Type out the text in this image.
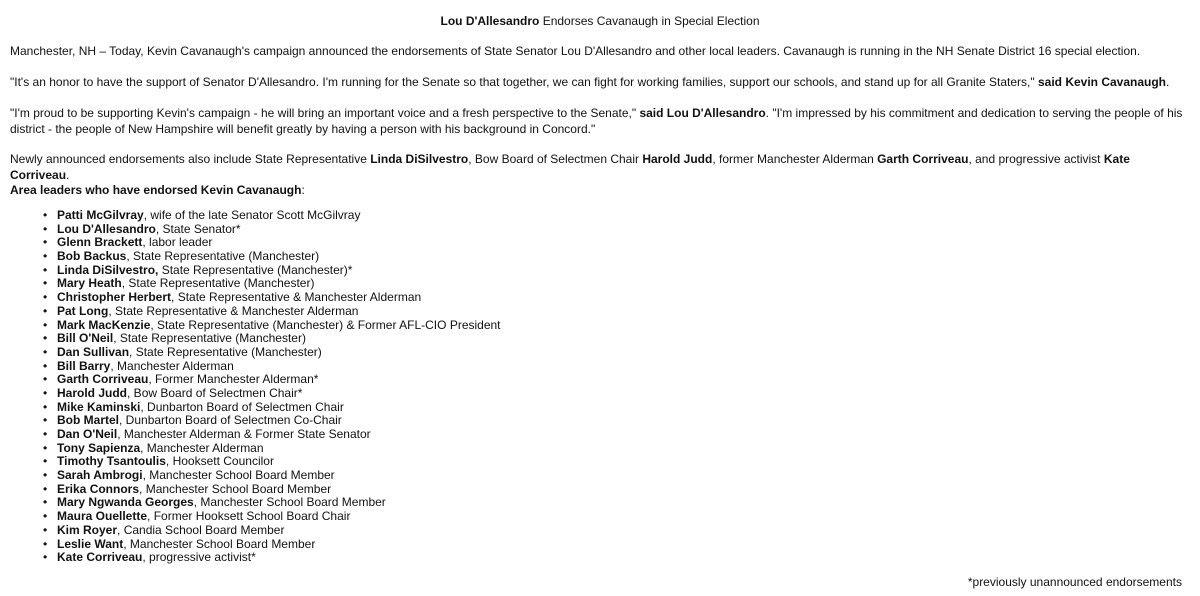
Lou D'Allesandro Endorses Cavanaugh in Special Election
Manchester, NH – Today, Kevin Cavanaugh's campaign announced the endorsements of State Senator Lou D'Allesandro and other local leaders. Cavanaugh is running in the NH Senate District 16 special election.
"It's an honor to have the support of Senator D'Allesandro. I'm running for the Senate so that together, we can fight for working families, support our schools, and stand up for all Granite Staters," said Kevin Cavanaugh.
"I'm proud to be supporting Kevin's campaign - he will bring an important voice and a fresh perspective to the Senate," said Lou D'Allesandro. "I'm impressed by his commitment and dedication to serving the people of his district - the people of New Hampshire will benefit greatly by having a person with his background in Concord."
Newly announced endorsements also include State Representative Linda DiSilvestro, Bow Board of Selectmen Chair Harold Judd, former Manchester Alderman Garth Corriveau, and progressive activist Kate Corriveau.
Area leaders who have endorsed Kevin Cavanaugh:
• Patti McGilvray, wife of the late Senator Scott McGilvray
• Lou D'Allesandro, State Senator*
• Glenn Brackett, labor leader
• Bob Backus, State Representative (Manchester)
• Linda DiSilvestro, State Representative (Manchester)*
• Mary Heath, State Representative (Manchester)
• Christopher Herbert, State Representative & Manchester Alderman
• Pat Long, State Representative & Manchester Alderman
• Mark MacKenzie, State Representative (Manchester) & Former AFL-CIO President
• Bill O'Neil, State Representative (Manchester)
• Dan Sullivan, State Representative (Manchester)
• Bill Barry, Manchester Alderman
• Garth Corriveau, Former Manchester Alderman*
• Harold Judd, Bow Board of Selectmen Chair*
• Mike Kaminski, Dunbarton Board of Selectmen Chair
• Bob Martel, Dunbarton Board of Selectmen Co-Chair
• Dan O'Neil, Manchester Alderman & Former State Senator
• Tony Sapienza, Manchester Alderman
• Timothy Tsantoulis, Hooksett Councilor
• Sarah Ambrogi, Manchester School Board Member
• Erika Connors, Manchester School Board Member
• Mary Ngwanda Georges, Manchester School Board Member
• Maura Ouellette, Former Hooksett School Board Chair
• Kim Royer, Candia School Board Member
• Leslie Want, Manchester School Board Member
• Kate Corriveau, progressive activist*
*previously unannounced endorsements
